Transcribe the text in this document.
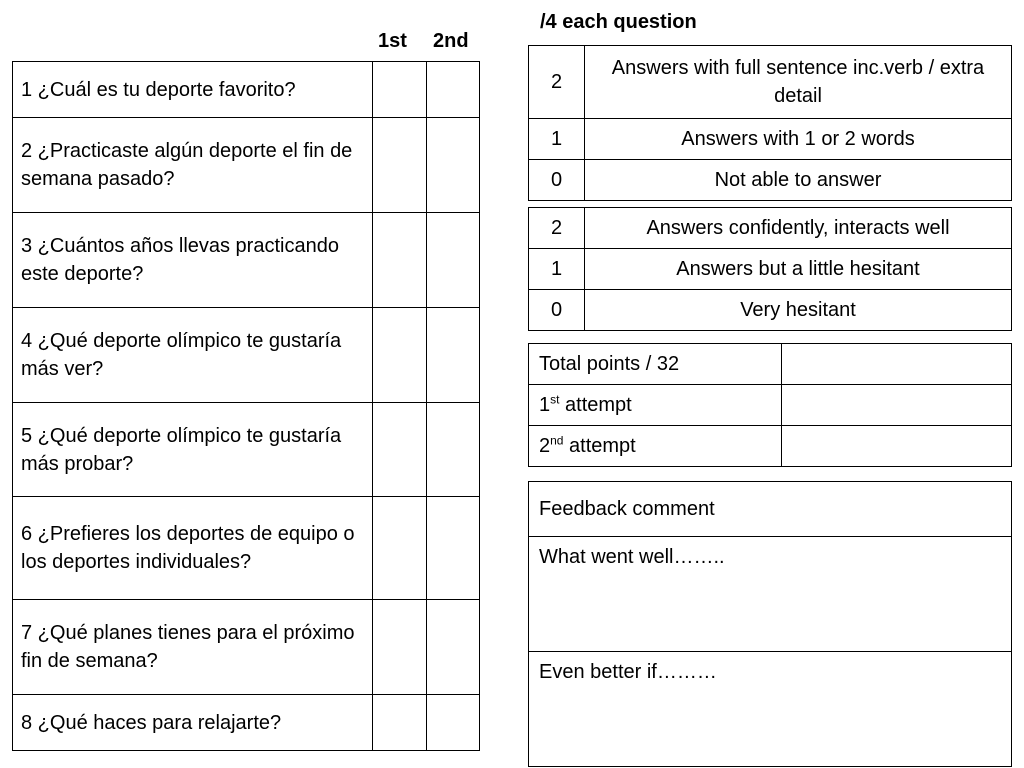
/4 each question
1st 2nd
1 ¿Cuál es tu deporte favorito?		
2 ¿Practicaste algún deporte el fin de semana pasado?		
3 ¿Cuántos años llevas practicando este deporte?		
4 ¿Qué deporte olímpico te gustaría más ver?		
5 ¿Qué deporte olímpico te gustaría más probar?		
6 ¿Prefieres los deportes de equipo o los deportes individuales?		
7 ¿Qué planes tienes para el próximo fin de semana?		
8 ¿Qué haces para relajarte?		
2	Answers with full sentence inc.verb / extra detail
1	Answers with 1 or 2 words
0	Not able to answer
2	Answers confidently, interacts well
1	Answers but a little hesitant
0	Very hesitant
Total points / 32	
1st attempt	
2nd attempt	
Feedback comment
What went well……..
Even better if………
